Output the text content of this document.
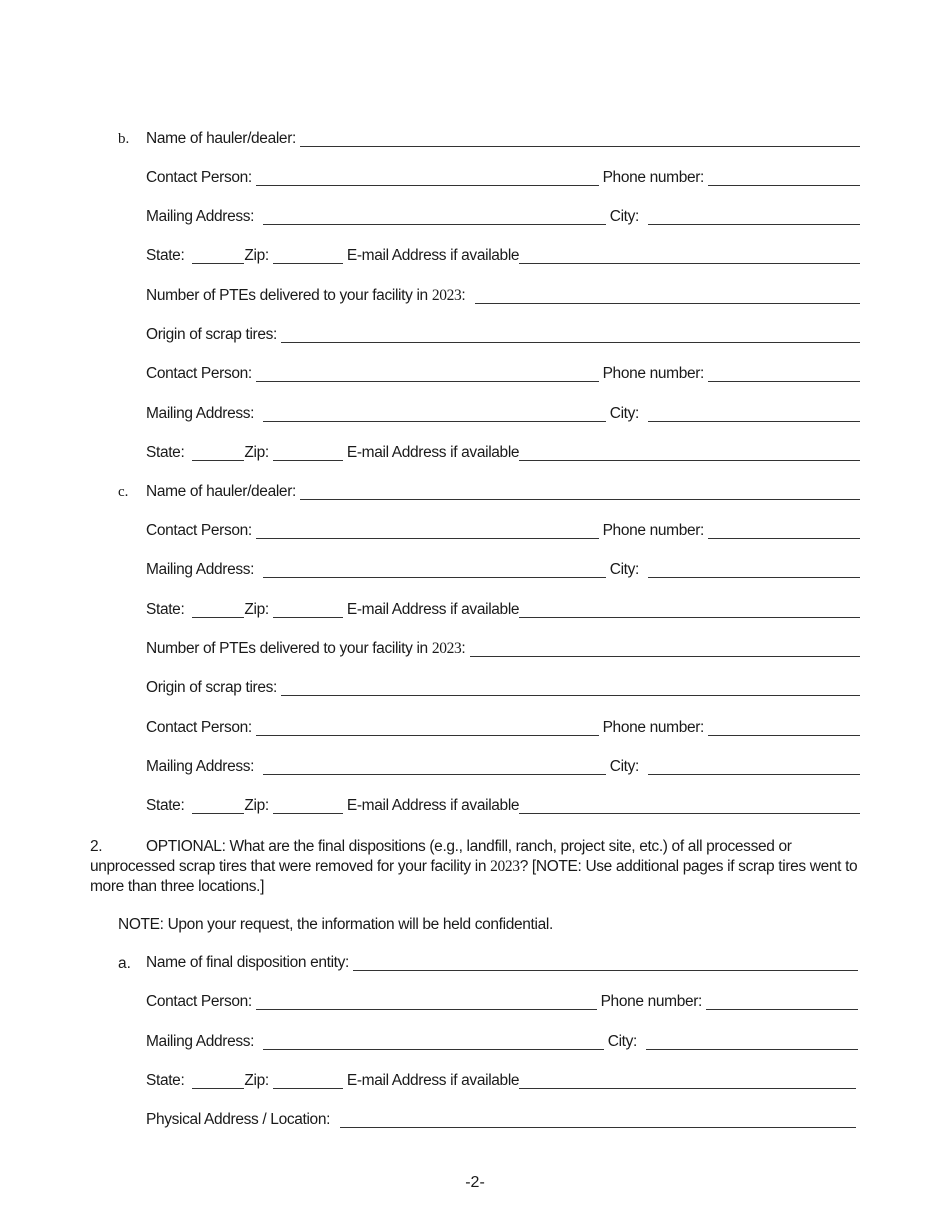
b. Name of hauler/dealer:
Contact Person:	Phone number:
Mailing Address:	City:
State:	Zip:	E-mail Address if available
Number of PTEs delivered to your facility in 2023 :
Origin of scrap tires:
Contact Person:	Phone number:
Mailing Address:	City:
State:	Zip:	E-mail Address if available
c. Name of hauler/dealer:
Contact Person:	Phone number:
Mailing Address:	City:
State:	Zip:	E-mail Address if available
Number of PTEs delivered to your facility in 2023 :
Origin of scrap tires:
Contact Person:	Phone number:
Mailing Address:	City:
State:	Zip:	E-mail Address if available
2.	OPTIONAL: What are the final dispositions (e.g., landfill, ranch, project site, etc.) of all processed or unprocessed scrap tires that were removed for your facility in 2023? [NOTE: Use additional pages if scrap tires went to more than three locations.]
NOTE: Upon your request, the information will be held confidential.
a. Name of final disposition entity:
Contact Person:	Phone number:
Mailing Address:	City:
State:	Zip:	E-mail Address if available
Physical Address / Location:
-2-
